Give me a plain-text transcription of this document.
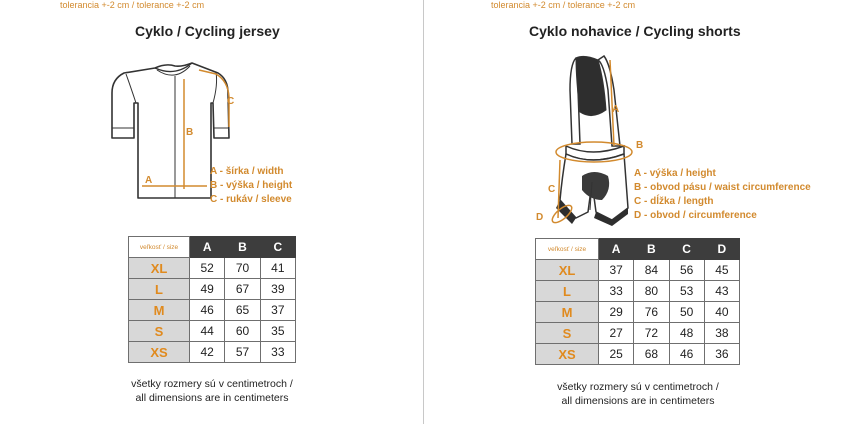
tolerancia +-2 cm / tolerance +-2 cm
Cyklo / Cycling jersey
B
A
C
A - šírka / width
B - výška / height
C - rukáv / sleeve
veľkosť / size	A	B	C
XL	52	70	41
L	49	67	39
M	46	65	37
S	44	60	35
XS	42	57	33
všetky rozmery sú v centimetroch /
all dimensions are in centimeters
tolerancia +-2 cm / tolerance +-2 cm
Cyklo nohavice / Cycling shorts
A
B
C
D
A - výška / height
B - obvod pásu / waist circumference
C - dĺžka / length
D - obvod / circumference
veľkosť / size	A	B	C	D
XL	37	84	56	45
L	33	80	53	43
M	29	76	50	40
S	27	72	48	38
XS	25	68	46	36
všetky rozmery sú v centimetroch /
all dimensions are in centimeters
